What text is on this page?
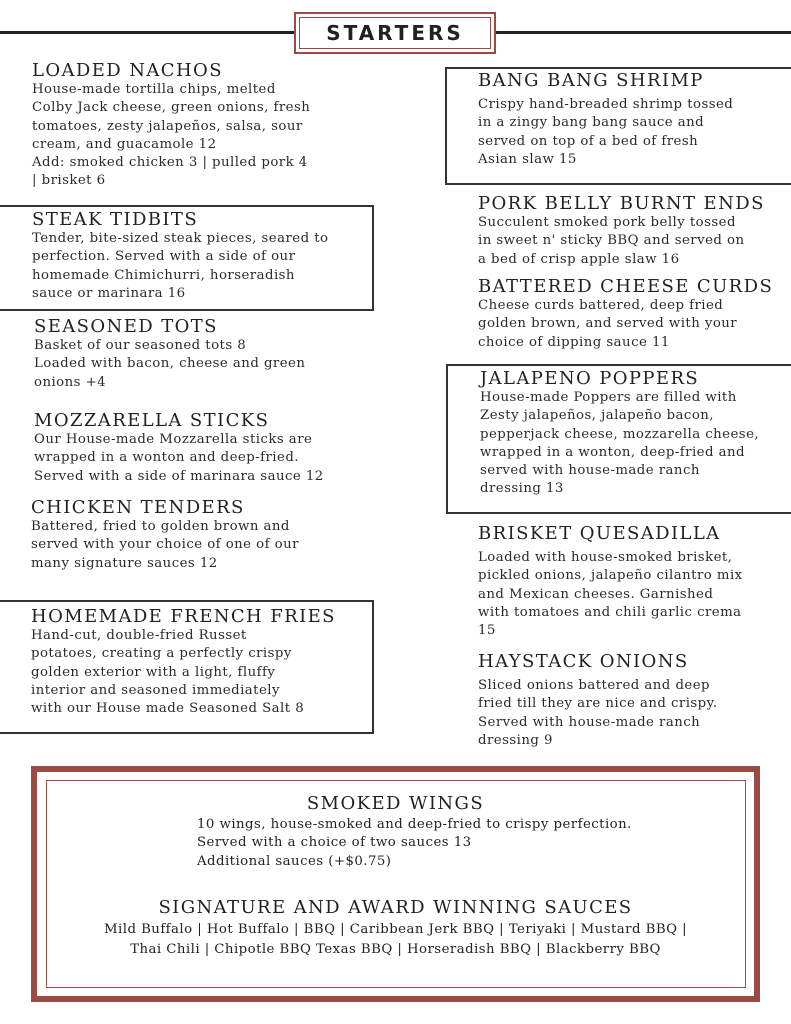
STARTERS
LOADED NACHOS

House-made tortilla chips, melted
Colby Jack cheese, green onions, fresh
tomatoes, zesty jalapeños, salsa, sour
cream, and guacamole 12
Add: smoked chicken 3 | pulled pork 4
| brisket 6

STEAK TIDBITS

Tender, bite-sized steak pieces, seared to
perfection. Served with a side of our
homemade Chimichurri, horseradish
sauce or marinara 16

SEASONED TOTS

Basket of our seasoned tots 8
Loaded with bacon, cheese and green
onions +4

MOZZARELLA STICKS

Our House-made Mozzarella sticks are
wrapped in a wonton and deep-fried.
Served with a side of marinara sauce 12

CHICKEN TENDERS

Battered, fried to golden brown and
served with your choice of one of our
many signature sauces 12

HOMEMADE FRENCH FRIES

Hand-cut, double-fried Russet
potatoes, creating a perfectly crispy
golden exterior with a light, fluffy
interior and seasoned immediately
with our House made Seasoned Salt 8

BANG BANG SHRIMP

Crispy hand-breaded shrimp tossed
in a zingy bang bang sauce and
served on top of a bed of fresh
Asian slaw 15

PORK BELLY BURNT ENDS

Succulent smoked pork belly tossed
in sweet n' sticky BBQ and served on
a bed of crisp apple slaw 16

BATTERED CHEESE CURDS

Cheese curds battered, deep fried
golden brown, and served with your
choice of dipping sauce 11

JALAPENO POPPERS

House-made Poppers are filled with
Zesty jalapeños, jalapeño bacon,
pepperjack cheese, mozzarella cheese,
wrapped in a wonton, deep-fried and
served with house-made ranch
dressing 13

BRISKET QUESADILLA

Loaded with house-smoked brisket,
pickled onions, jalapeño cilantro mix
and Mexican cheeses. Garnished
with tomatoes and chili garlic crema
15

HAYSTACK ONIONS

Sliced onions battered and deep
fried till they are nice and crispy.
Served with house-made ranch
dressing 9

SMOKED WINGS

10 wings, house-smoked and deep-fried to crispy perfection.
Served with a choice of two sauces 13
Additional sauces (+$0.75)

SIGNATURE AND AWARD WINNING SAUCES

Mild Buffalo | Hot Buffalo | BBQ | Caribbean Jerk BBQ | Teriyaki | Mustard BBQ |
Thai Chili | Chipotle BBQ Texas BBQ | Horseradish BBQ | Blackberry BBQ
